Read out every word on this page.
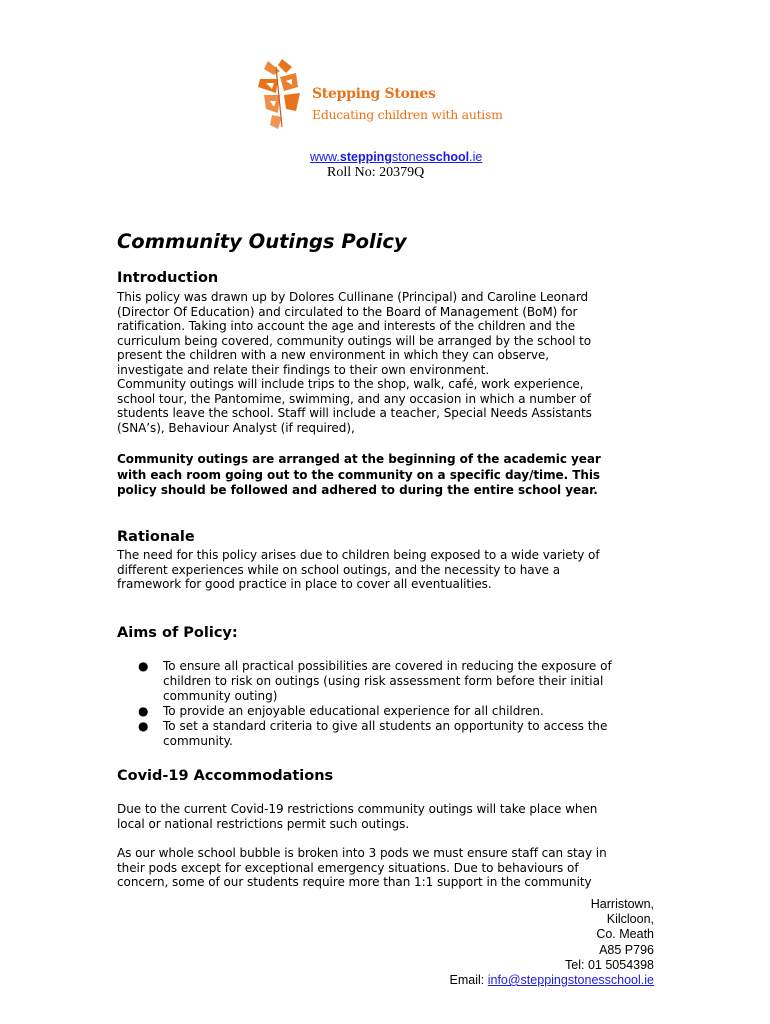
Stepping Stones
Educating children with autism
www.steppingstonesschool.ie
Roll No: 20379Q
Community Outings Policy
Introduction
This policy was drawn up by Dolores Cullinane (Principal) and Caroline Leonard
(Director Of Education) and circulated to the Board of Management (BoM) for
ratification. Taking into account the age and interests of the children and the
curriculum being covered, community outings will be arranged by the school to
present the children with a new environment in which they can observe,
investigate and relate their findings to their own environment.
Community outings will include trips to the shop, walk, café, work experience,
school tour, the Pantomime, swimming, and any occasion in which a number of
students leave the school. Staff will include a teacher, Special Needs Assistants
(SNA’s), Behaviour Analyst (if required),
Community outings are arranged at the beginning of the academic year
with each room going out to the community on a specific day/time. This
policy should be followed and adhered to during the entire school year.
Rationale
The need for this policy arises due to children being exposed to a wide variety of
different experiences while on school outings, and the necessity to have a
framework for good practice in place to cover all eventualities.
Aims of Policy:
● To ensure all practical possibilities are covered in reducing the exposure of
children to risk on outings (using risk assessment form before their initial
community outing)
● To provide an enjoyable educational experience for all children.
● To set a standard criteria to give all students an opportunity to access the
community.
Covid-19 Accommodations
Due to the current Covid-19 restrictions community outings will take place when
local or national restrictions permit such outings.
As our whole school bubble is broken into 3 pods we must ensure staff can stay in
their pods except for exceptional emergency situations. Due to behaviours of
concern, some of our students require more than 1:1 support in the community
Harristown,
Kilcloon,
Co. Meath
A85 P796
Tel: 01 5054398
Email: info@steppingstonesschool.ie
